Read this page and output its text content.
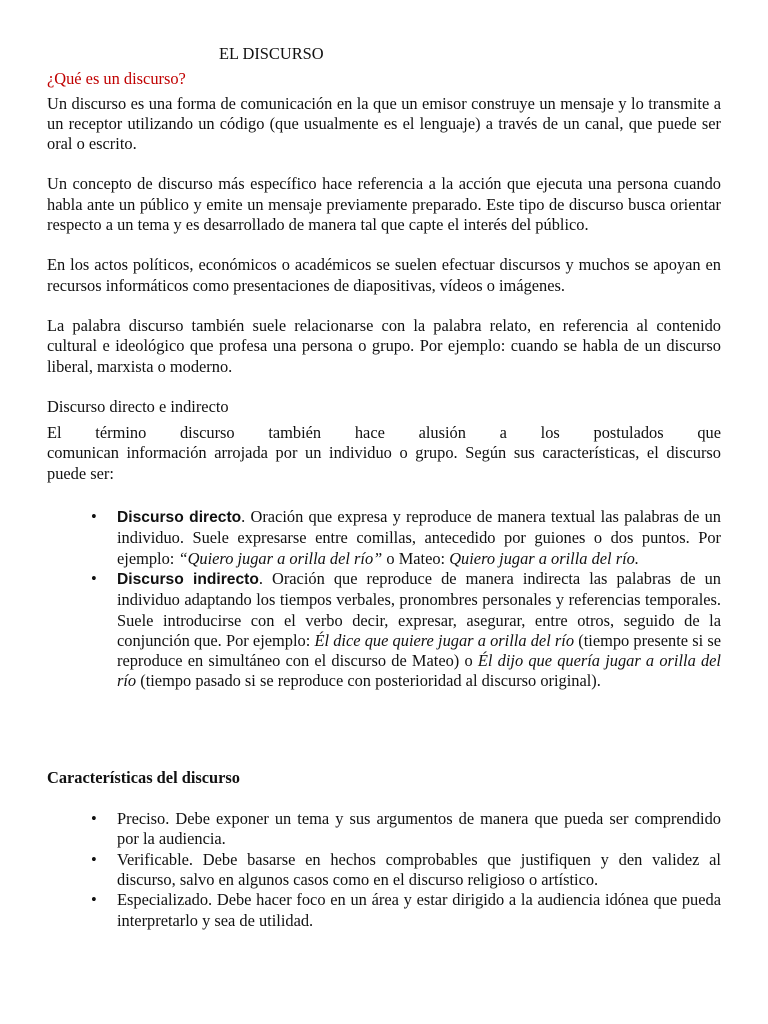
EL DISCURSO
¿Qué es un discurso?

Un discurso es una forma de comunicación en la que un emisor construye un mensaje y lo transmite a un receptor utilizando un código (que usualmente es el lenguaje) a través de un canal, que puede ser oral o escrito.

Un concepto de discurso más específico hace referencia a la acción que ejecuta una persona cuando habla ante un público y emite un mensaje previamente preparado. Este tipo de discurso busca orientar respecto a un tema y es desarrollado de manera tal que capte el interés del público.

En los actos políticos, económicos o académicos se suelen efectuar discursos y muchos se apoyan en recursos informáticos como presentaciones de diapositivas, vídeos o imágenes.

La palabra discurso también suele relacionarse con la palabra relato, en referencia al contenido cultural e ideológico que profesa una persona o grupo. Por ejemplo: cuando se habla de un discurso liberal, marxista o moderno.

Discurso directo e indirecto

El término discurso también hace alusión a los postulados que

comunican información arrojada por un individuo o grupo. Según sus características, el discurso puede ser:

• Discurso directo. Oración que expresa y reproduce de manera textual las palabras de un individuo. Suele expresarse entre comillas, antecedido por guiones o dos puntos. Por ejemplo: “Quiero jugar a orilla del río” o Mateo: Quiero jugar a orilla del río.
• Discurso indirecto. Oración que reproduce de manera indirecta las palabras de un individuo adaptando los tiempos verbales, pronombres personales y referencias temporales. Suele introducirse con el verbo decir, expresar, asegurar, entre otros, seguido de la conjunción que. Por ejemplo: Él dice que quiere jugar a orilla del río (tiempo presente si se reproduce en simultáneo con el discurso de Mateo) o Él dijo que quería jugar a orilla del río (tiempo pasado si se reproduce con posterioridad al discurso original).
Características del discurso
• Preciso. Debe exponer un tema y sus argumentos de manera que pueda ser comprendido por la audiencia.
• Verificable. Debe basarse en hechos comprobables que justifiquen y den validez al discurso, salvo en algunos casos como en el discurso religioso o artístico.
• Especializado. Debe hacer foco en un área y estar dirigido a la audiencia idónea que pueda interpretarlo y sea de utilidad.
